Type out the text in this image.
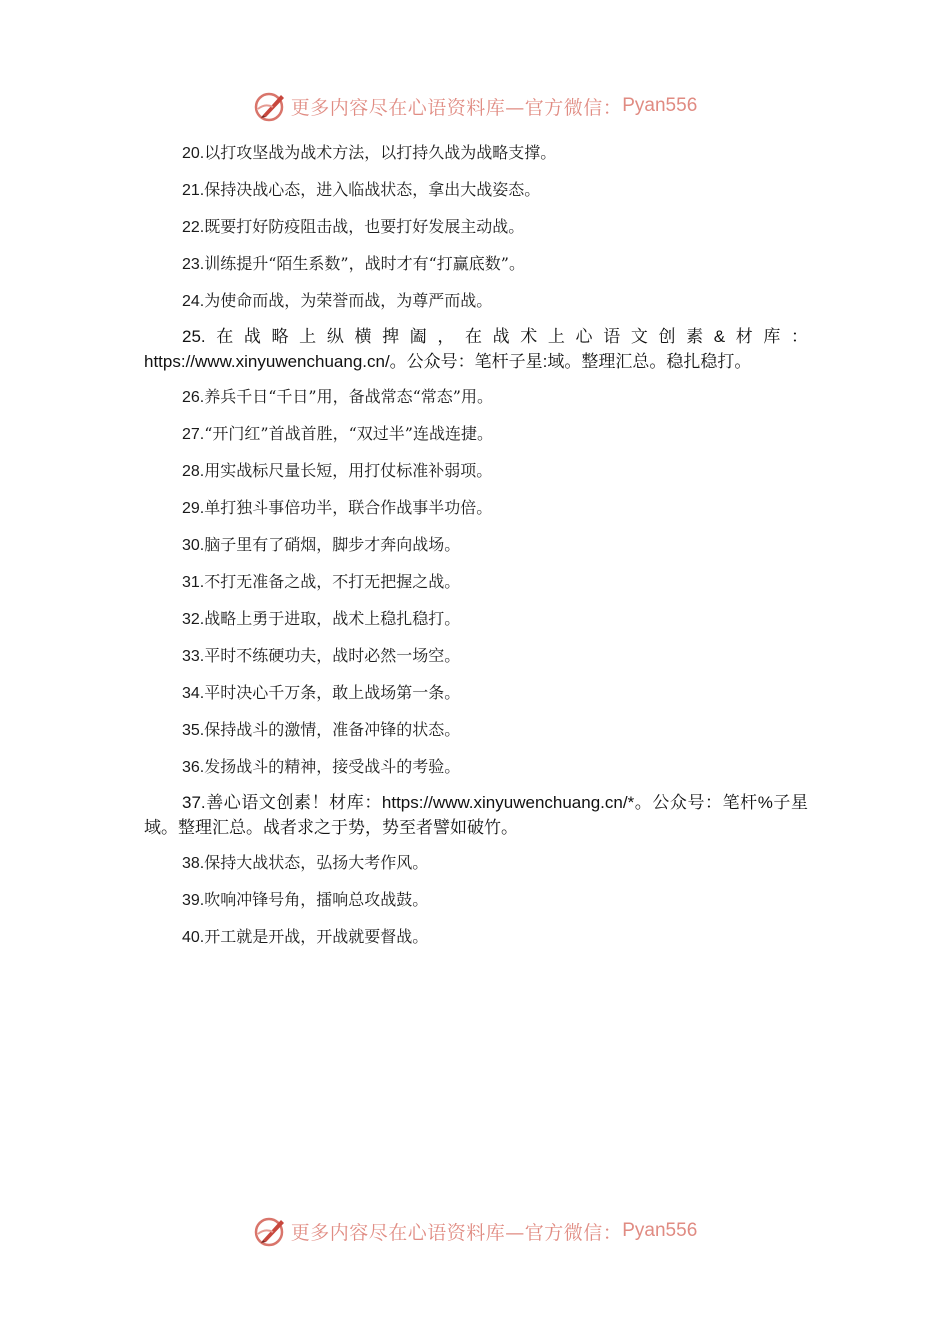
更多内容尽在心语资料库—官方微信： Pyan556

20.以打攻坚战为战术方法，以打持久战为战略支撑。

21.保持决战心态，进入临战状态，拿出大战姿态。

22.既要打好防疫阻击战，也要打好发展主动战。

23.训练提升“陌生系数”，战时才有“打赢底数”。

24.为使命而战，为荣誉而战，为尊严而战。

25.在战略上纵横捭阖，在战术上心语文创素&材库：https://www.xinyuwenchuang.cn/。公众号：笔杆子星:域。整理汇总。稳扎稳打。

26.养兵千日“千日”用，备战常态“常态”用。

27.“开门红”首战首胜，“双过半”连战连捷。

28.用实战标尺量长短，用打仗标准补弱项。

29.单打独斗事倍功半，联合作战事半功倍。

30.脑子里有了硝烟，脚步才奔向战场。

31.不打无准备之战，不打无把握之战。

32.战略上勇于进取，战术上稳扎稳打。

33.平时不练硬功夫，战时必然一场空。

34.平时决心千万条，敢上战场第一条。

35.保持战斗的激情，准备冲锋的状态。

36.发扬战斗的精神，接受战斗的考验。

37.善心语文创素！材库：https://www.xinyuwenchuang.cn/*。公众号：笔杆%子星域。整理汇总。战者求之于势，势至者譬如破竹。

38.保持大战状态，弘扬大考作风。

39.吹响冲锋号角，擂响总攻战鼓。

40.开工就是开战，开战就要督战。

更多内容尽在心语资料库—官方微信： Pyan556
